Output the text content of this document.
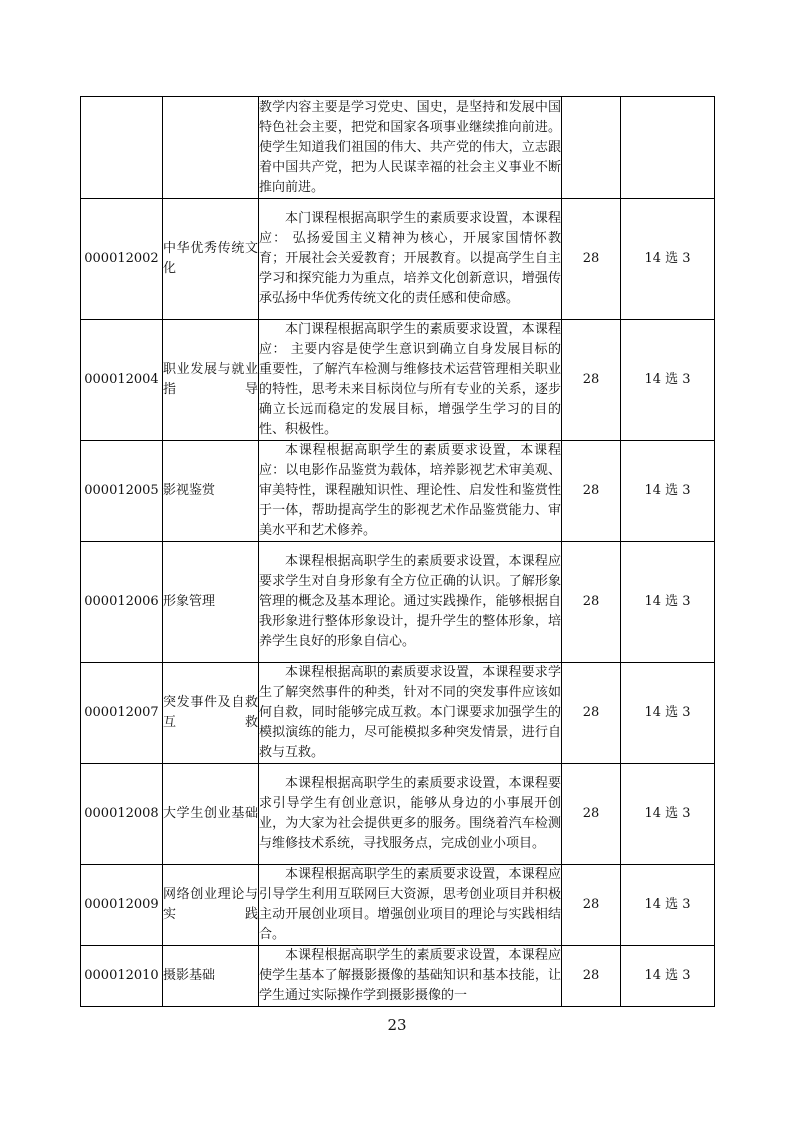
		教学内容主要是学习党史、国史，是坚持和发展中国特色社会主要，把党和国家各项事业继续推向前进。使学生知道我们祖国的伟大、共产党的伟大，立志跟着中国共产党，把为人民谋幸福的社会主义事业不断推向前进。		

000012002	中华优秀传统文化	本门课程根据高职学生的素质要求设置，本课程应： 弘扬爱国主义精神为核心，开展家国情怀教育；开展社会关爱教育；开展教育。以提高学生自主学习和探究能力为重点，培养文化创新意识，增强传承弘扬中华优秀传统文化的责任感和使命感。	28	14 选 3
000012004	职业发展与就业指导	本门课程根据高职学生的素质要求设置，本课程应： 主要内容是使学生意识到确立自身发展目标的重要性，了解汽车检测与维修技术运营管理相关职业的特性，思考未来目标岗位与所有专业的关系，逐步确立长远而稳定的发展目标，增强学生学习的目的性、积极性。	28	14 选 3
000012005	影视鉴赏	本课程根据高职学生的素质要求设置，本课程应：以电影作品鉴赏为载体，培养影视艺术审美观、审美特性，课程融知识性、理论性、启发性和鉴赏性于一体，帮助提高学生的影视艺术作品鉴赏能力、审美水平和艺术修养。	28	14 选 3
000012006	形象管理	本课程根据高职学生的素质要求设置，本课程应要求学生对自身形象有全方位正确的认识。了解形象管理的概念及基本理论。通过实践操作，能够根据自我形象进行整体形象设计，提升学生的整体形象，培养学生良好的形象自信心。	28	14 选 3
000012007	突发事件及自救互救	本课程根据高职的素质要求设置，本课程要求学生了解突然事件的种类，针对不同的突发事件应该如何自救，同时能够完成互救。本门课要求加强学生的模拟演练的能力，尽可能模拟多种突发情景，进行自救与互救。	28	14 选 3
000012008	大学生创业基础	本课程根据高职学生的素质要求设置，本课程要求引导学生有创业意识，能够从身边的小事展开创业，为大家为社会提供更多的服务。围绕着汽车检测与维修技术系统，寻找服务点，完成创业小项目。	28	14 选 3
000012009	网络创业理论与实践	本课程根据高职学生的素质要求设置，本课程应引导学生利用互联网巨大资源，思考创业项目并积极主动开展创业项目。增强创业项目的理论与实践相结合。	28	14 选 3
000012010	摄影基础	本课程根据高职学生的素质要求设置，本课程应使学生基本了解摄影摄像的基础知识和基本技能，让学生通过实际操作学到摄影摄像的一	28	14 选 3
23
